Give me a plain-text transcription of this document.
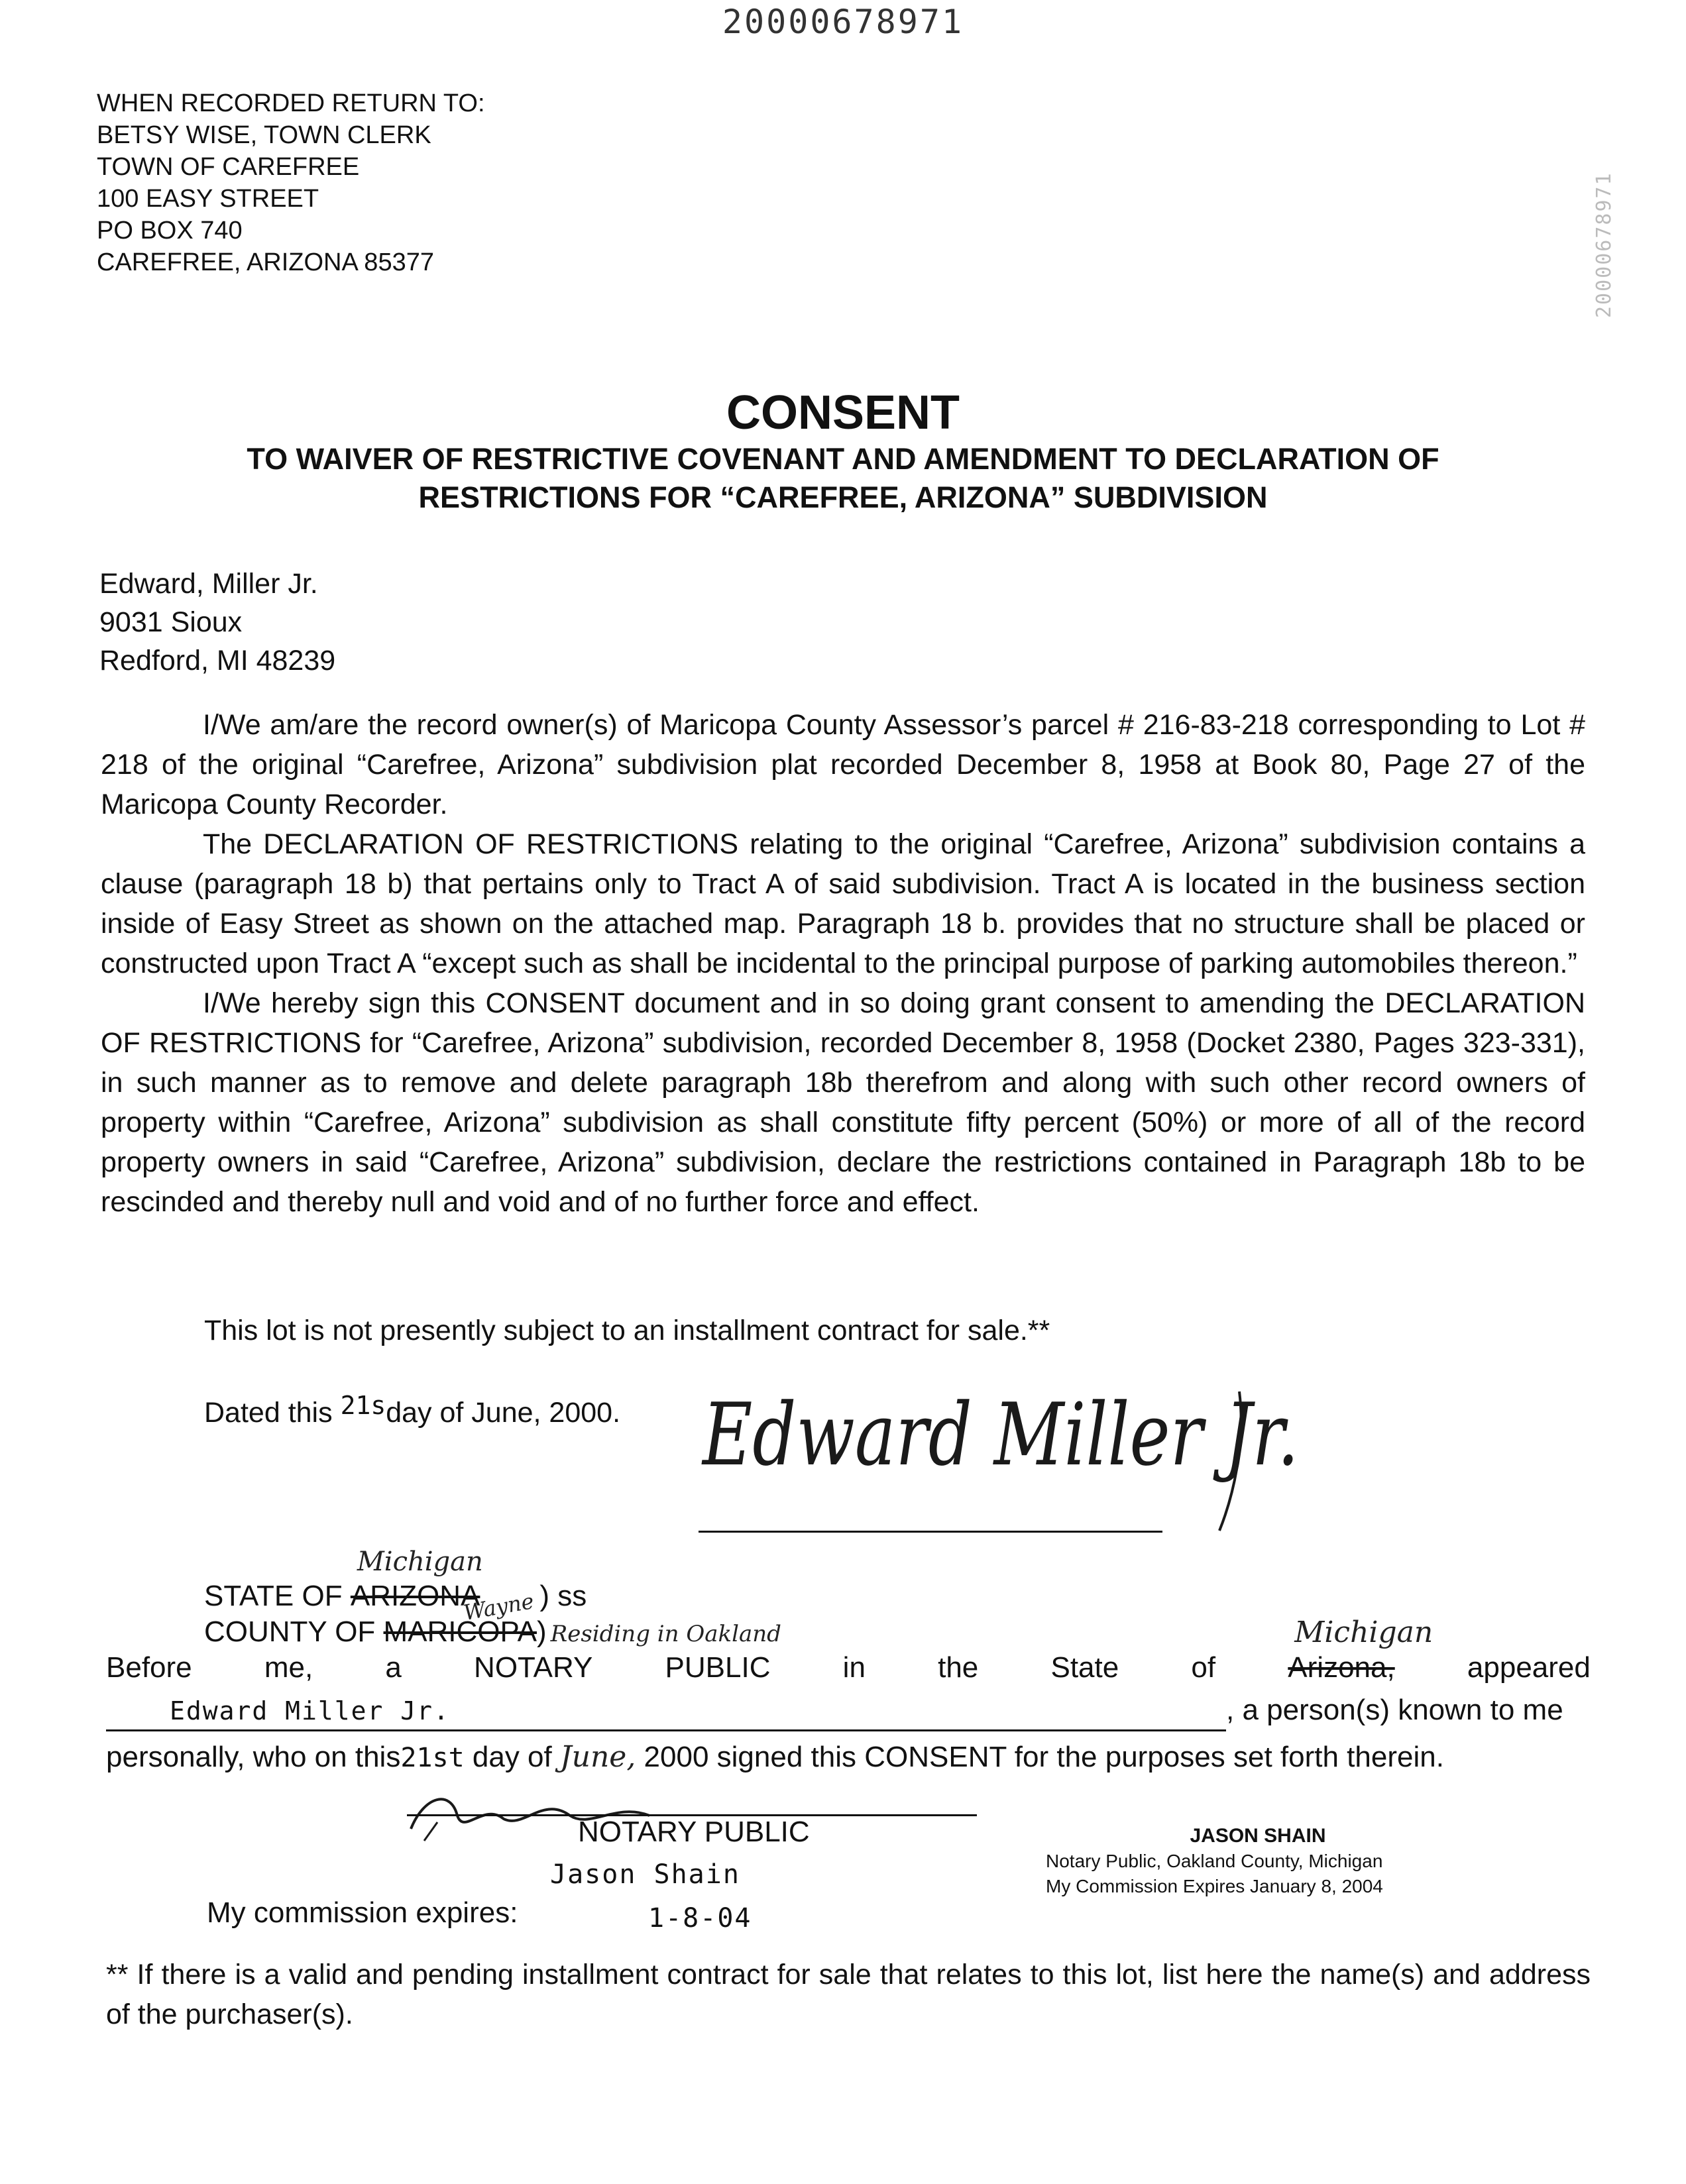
20000678971
WHEN RECORDED RETURN TO:
BETSY WISE, TOWN CLERK
TOWN OF CAREFREE
100 EASY STREET
PO BOX 740
CAREFREE, ARIZONA 85377	20000678971
CONSENT
TO WAIVER OF RESTRICTIVE COVENANT AND AMENDMENT TO DECLARATION OF
RESTRICTIONS FOR “CAREFREE, ARIZONA” SUBDIVISION
Edward, Miller Jr.
9031 Sioux
Redford, MI 48239

I/We am/are the record owner(s) of Maricopa County Assessor’s parcel # 216-83-218 corresponding to Lot # 218 of the original “Carefree, Arizona” subdivision plat recorded December 8, 1958 at Book 80, Page 27 of the Maricopa County Recorder.

The DECLARATION OF RESTRICTIONS relating to the original “Carefree, Arizona” subdivision contains a clause (paragraph 18 b) that pertains only to Tract A of said subdivision. Tract A is located in the business section inside of Easy Street as shown on the attached map. Paragraph 18 b. provides that no structure shall be placed or constructed upon Tract A “except such as shall be incidental to the principal purpose of parking automobiles thereon.”

I/We hereby sign this CONSENT document and in so doing grant consent to amending the DECLARATION OF RESTRICTIONS for “Carefree, Arizona” subdivision, recorded December 8, 1958 (Docket 2380, Pages 323-331), in such manner as to remove and delete paragraph 18b therefrom and along with such other record owners of property within “Carefree, Arizona” subdivision as shall constitute fifty percent (50%) or more of all of the record property owners in said “Carefree, Arizona” subdivision, declare the restrictions contained in Paragraph 18b to be rescinded and thereby null and void and of no further force and effect.

This lot is not presently subject to an installment contract for sale.**
Dated this 21sday of June, 2000. Edward Miller Jr.
STATE OF ARIZONA
Michigan
) ss
COUNTY OF MARICOPA
Wayne
) Residing in Oakland
Before me, a NOTARY PUBLIC in the State of Arizona,
Michigan
appeared
Edward Miller Jr.	, a person(s) known to me
personally, who on this21st day of June, 2000 signed this CONSENT for the purposes set forth therein.
NOTARY PUBLIC
Jason Shain
My commission expires:	1-8-04
JASON SHAIN
Notary Public, Oakland County, Michigan
My Commission Expires January 8, 2004
** If there is a valid and pending installment contract for sale that relates to this lot, list here the name(s) and address of the purchaser(s).
